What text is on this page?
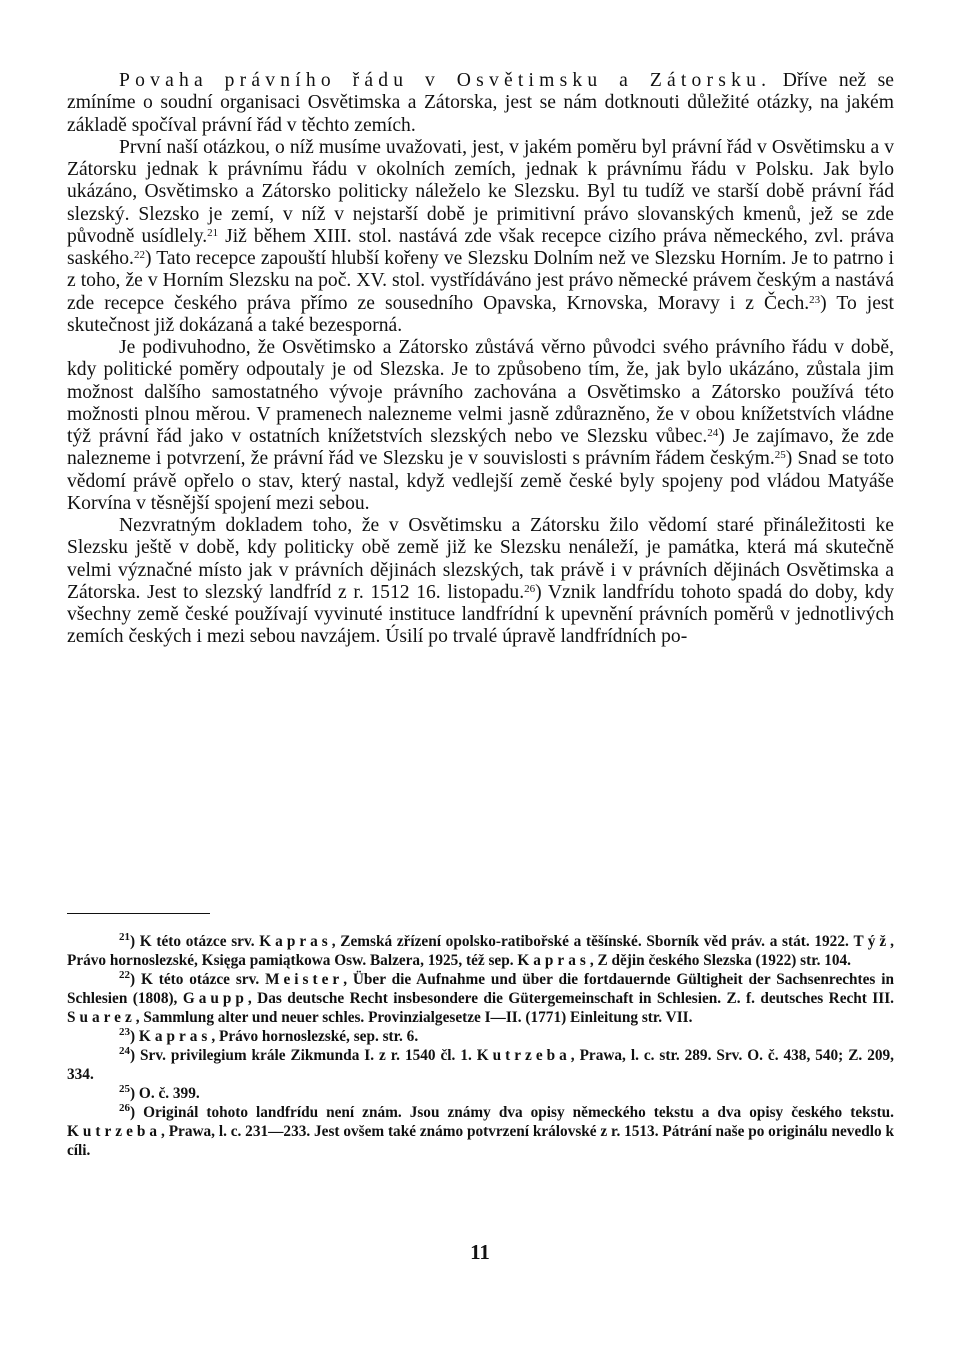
Povaha právního řádu v Osvětimsku a Zátorsku. Dříve než se zmíníme o soudní organisaci Osvětimska a Zátorska, jest se nám dotknouti důležité otázky, na jakém základě spočíval právní řád v těchto zemích.

První naší otázkou, o níž musíme uvažovati, jest, v jakém poměru byl právní řád v Osvětimsku a v Zátorsku jednak k právnímu řádu v okolních zemích, jednak k právnímu řádu v Polsku. Jak bylo ukázáno, Osvětimsko a Zátorsko politicky náleželo ke Slezsku. Byl tu tudíž ve starší době právní řád slezský. Slezsko je zemí, v níž v nejstarší době je primitivní právo slovanských kmenů, jež se zde původně usídlely.$^{21}$ Již během XIII. stol. nastává zde však recepce cizího práva německého, zvl. práva saského.$^{22}$) Tato recepce zapouští hlubší kořeny ve Slezsku Dolním než ve Slezsku Horním. Je to patrno i z toho, že v Horním Slezsku na poč. XV. stol. vystřídáváno jest právo německé právem českým a nastává zde recepce českého práva přímo ze sousedního Opavska, Krnovska, Moravy i z Čech.$^{23}$) To jest skutečnost již dokázaná a také bezesporná.

Je podivuhodno, že Osvětimsko a Zátorsko zůstává věrno původci svého právního řádu v době, kdy politické poměry odpoutaly je od Slezska. Je to způsobeno tím, že, jak bylo ukázáno, zůstala jim možnost dalšího samostatného vývoje právního zachována a Osvětimsko a Zátorsko používá této možnosti plnou měrou. V pramenech nalezneme velmi jasně zdůrazněno, že v obou knížetstvích vládne týž právní řád jako v ostatních knížetstvích slezských nebo ve Slezsku vůbec.$^{24}$) Je zajímavo, že zde nalezneme i potvrzení, že právní řád ve Slezsku je v souvislosti s právním řádem českým.$^{25}$) Snad se toto vědomí právě opřelo o stav, který nastal, když vedlejší země české byly spojeny pod vládou Matyáše Korvína v těsnější spojení mezi sebou.

Nezvratným dokladem toho, že v Osvětimsku a Zátorsku žilo vědomí staré přináležitosti ke Slezsku ještě v době, kdy politicky obě země již ke Slezsku nenáleží, je památka, která má skutečně velmi význačné místo jak v právních dějinách slezských, tak právě i v právních dějinách Osvětimska a Zátorska. Jest to slezský landfríd z r. 1512 16. listopadu.$^{26}$) Vznik landfrídu tohoto spadá do doby, kdy všechny země české používají vyvinuté instituce landfrídní k upevnění právních poměrů v jednotlivých zemích českých i mezi sebou navzájem. Úsilí po trvalé úpravě landfrídních po-

$^{21}$) K této otázce srv. Kapras, Zemská zřízení opolsko-ratibořské a těšínské. Sborník věd práv. a stát. 1922. Týž, Právo hornoslezské, Księga pamiątkowa Osw. Balzera, 1925, též sep. Kapras, Z dějin českého Slezska (1922) str. 104.

$^{22}$) K této otázce srv. Meister, Über die Aufnahme und über die fortdauernde Gültigheit der Sachsenrechtes in Schlesien (1808), Gaupp, Das deutsche Recht insbesondere die Gütergemeinschaft in Schlesien. Z. f. deutsches Recht III. Suarez, Sammlung alter und neuer schles. Provinzialgesetze I—II. (1771) Einleitung str. VII.

$^{23}$) Kapras, Právo hornoslezské, sep. str. 6.

$^{24}$) Srv. privilegium krále Zikmunda I. z r. 1540 čl. 1. Kutrzeba, Prawa, l. c. str. 289. Srv. O. č. 438, 540; Z. 209, 334.

$^{25}$) O. č. 399.

$^{26}$) Originál tohoto landfrídu není znám. Jsou známy dva opisy německého tekstu a dva opisy českého tekstu. Kutrzeba, Prawa, l. c. 231—233. Jest ovšem také známo potvrzení královské z r. 1513. Pátrání naše po originálu nevedlo k cíli.

11
